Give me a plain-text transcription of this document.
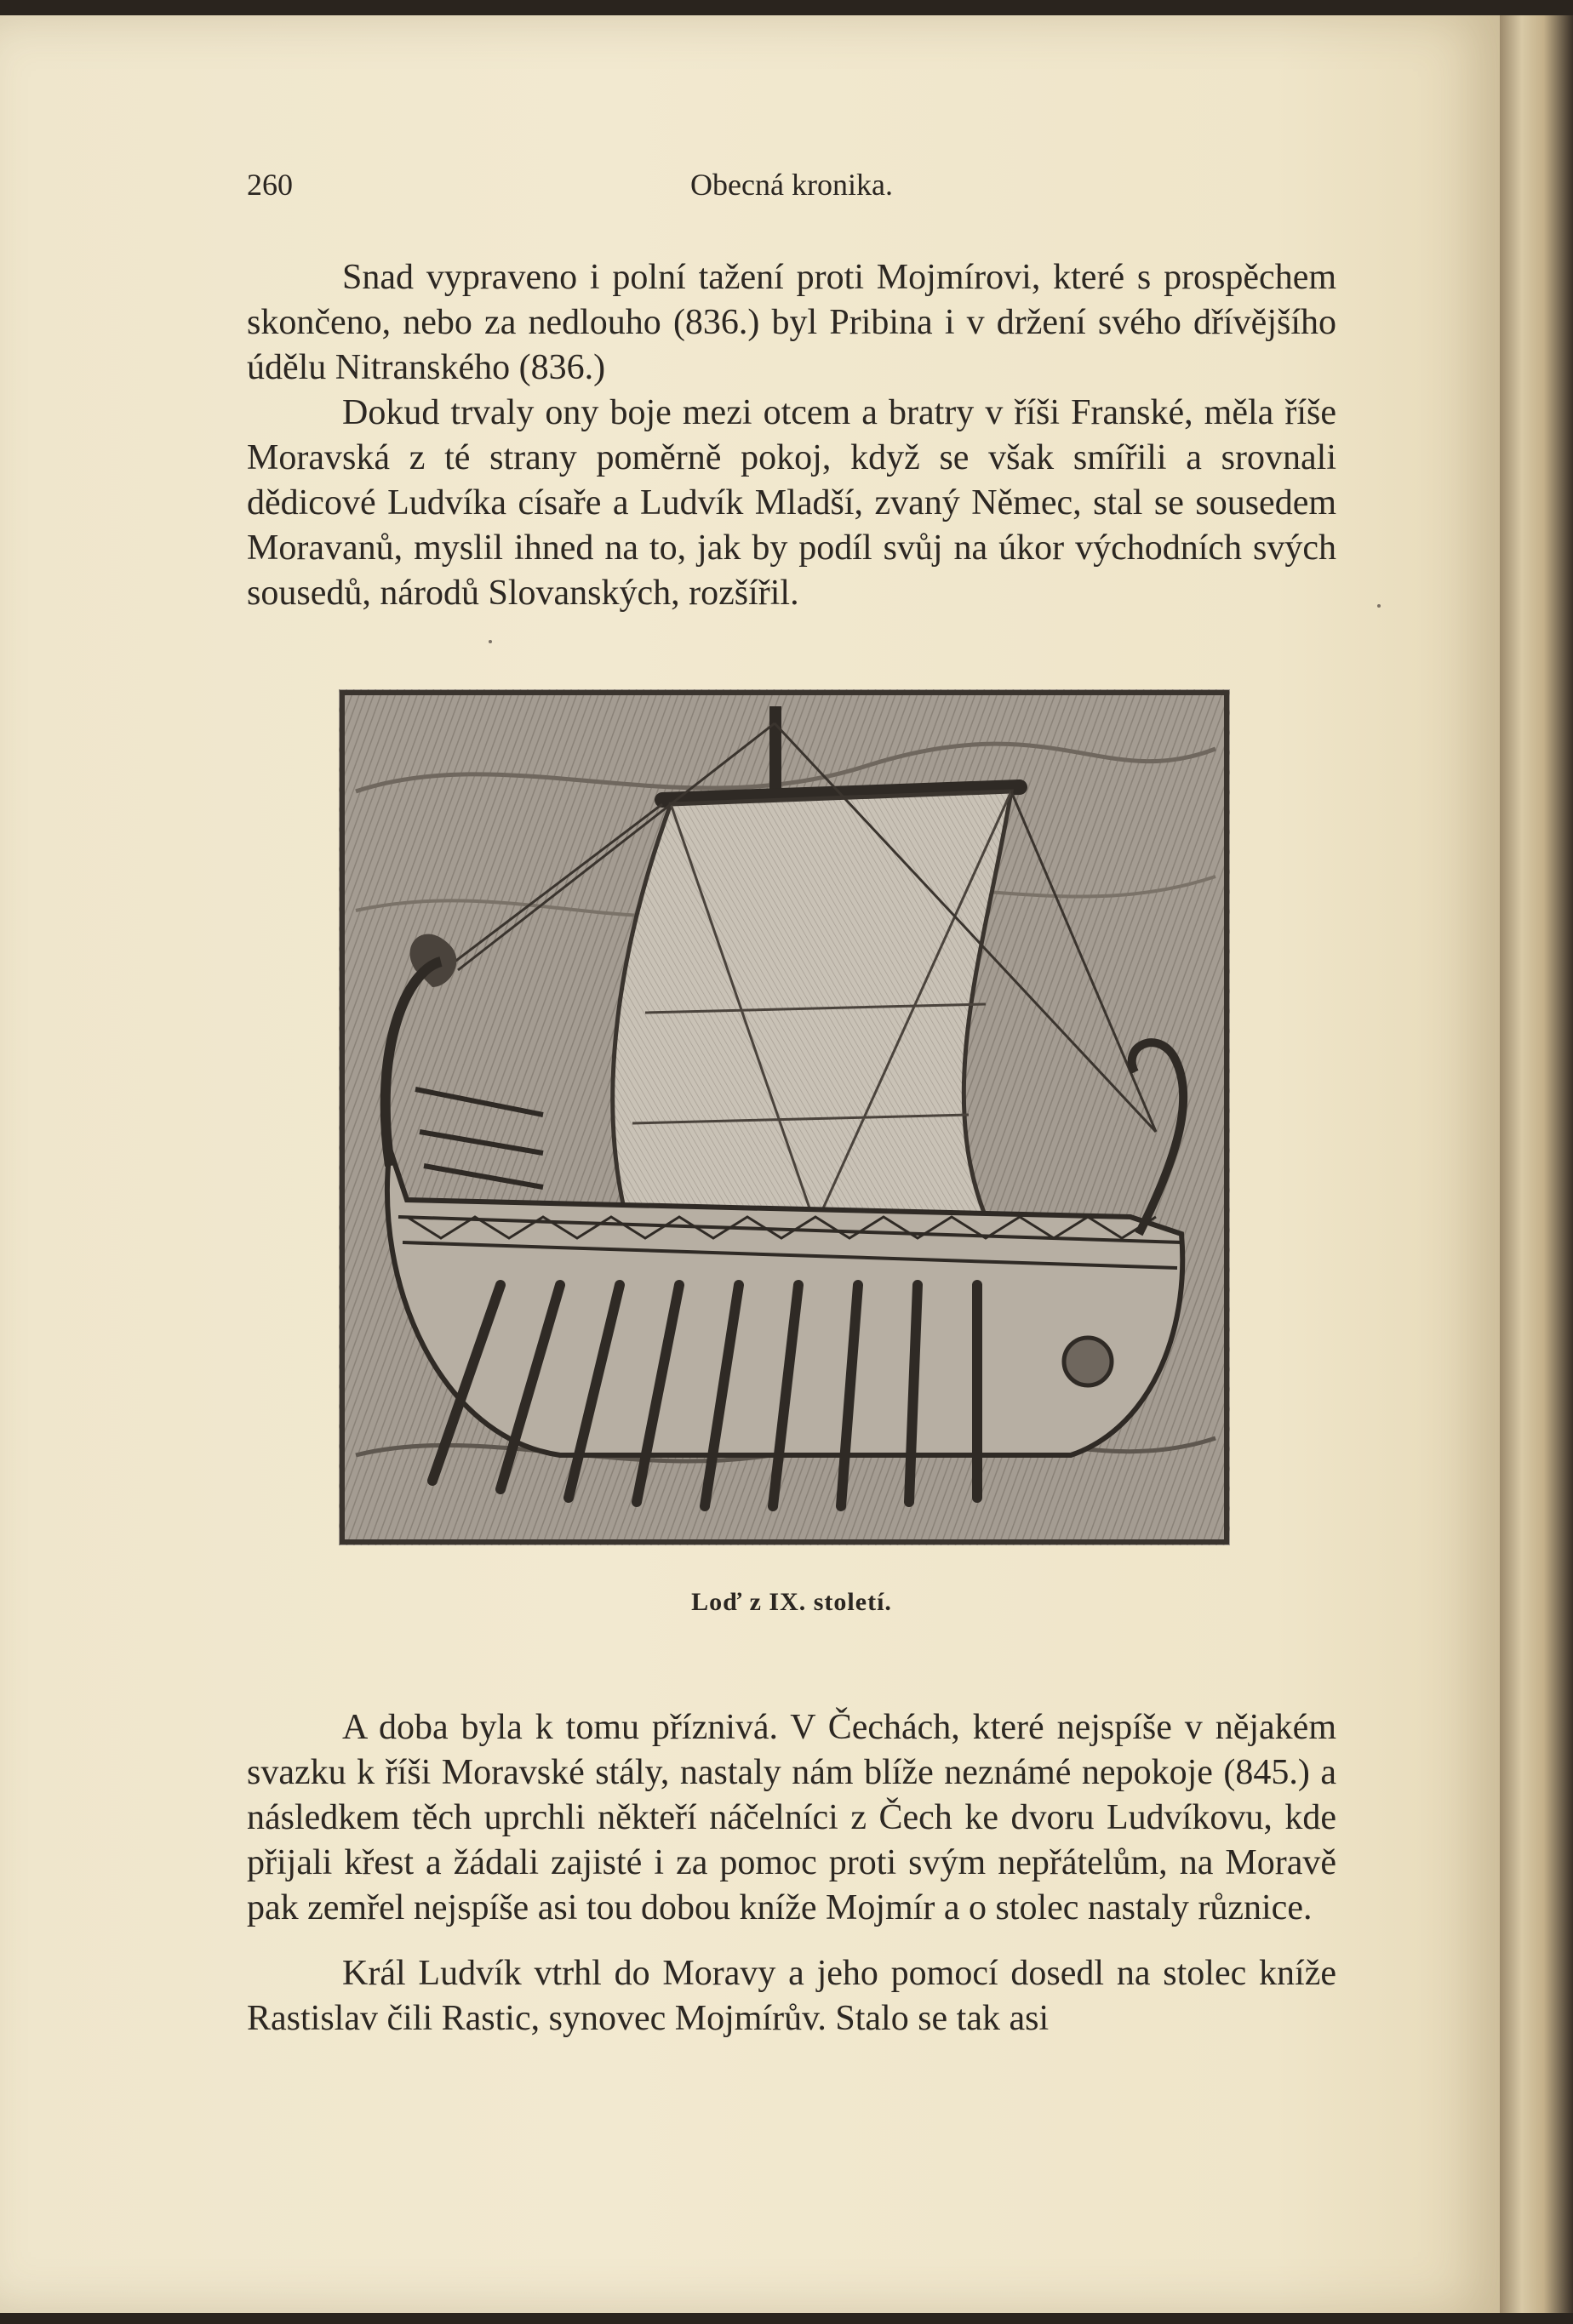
260	Obecná kronika.

Snad vypraveno i polní tažení proti Mojmírovi, které s prospěchem skončeno, nebo za nedlouho (836.) byl Pribina i v držení svého dřívějšího údělu Nitranského (836.)

Dokud trvaly ony boje mezi otcem a bratry v říši Franské, měla říše Moravská z té strany poměrně pokoj, když se však smířili a srovnali dědicové Ludvíka císaře a Ludvík Mladší, zvaný Němec, stal se sousedem Moravanů, myslil ihned na to, jak by podíl svůj na úkor východních svých sousedů, národů Slovanských, rozšířil.

Loď z IX. století.

A doba byla k tomu příznivá. V Čechách, které nejspíše v nějakém svazku k říši Moravské stály, nastaly nám blíže neznámé nepokoje (845.) a následkem těch uprchli někteří náčelníci z Čech ke dvoru Ludvíkovu, kde přijali křest a žádali zajisté i za pomoc proti svým nepřátelům, na Moravě pak zemřel nejspíše asi tou dobou kníže Mojmír a o stolec nastaly různice.

Král Ludvík vtrhl do Moravy a jeho pomocí dosedl na stolec kníže Rastislav čili Rastic, synovec Mojmírův. Stalo se tak asi
